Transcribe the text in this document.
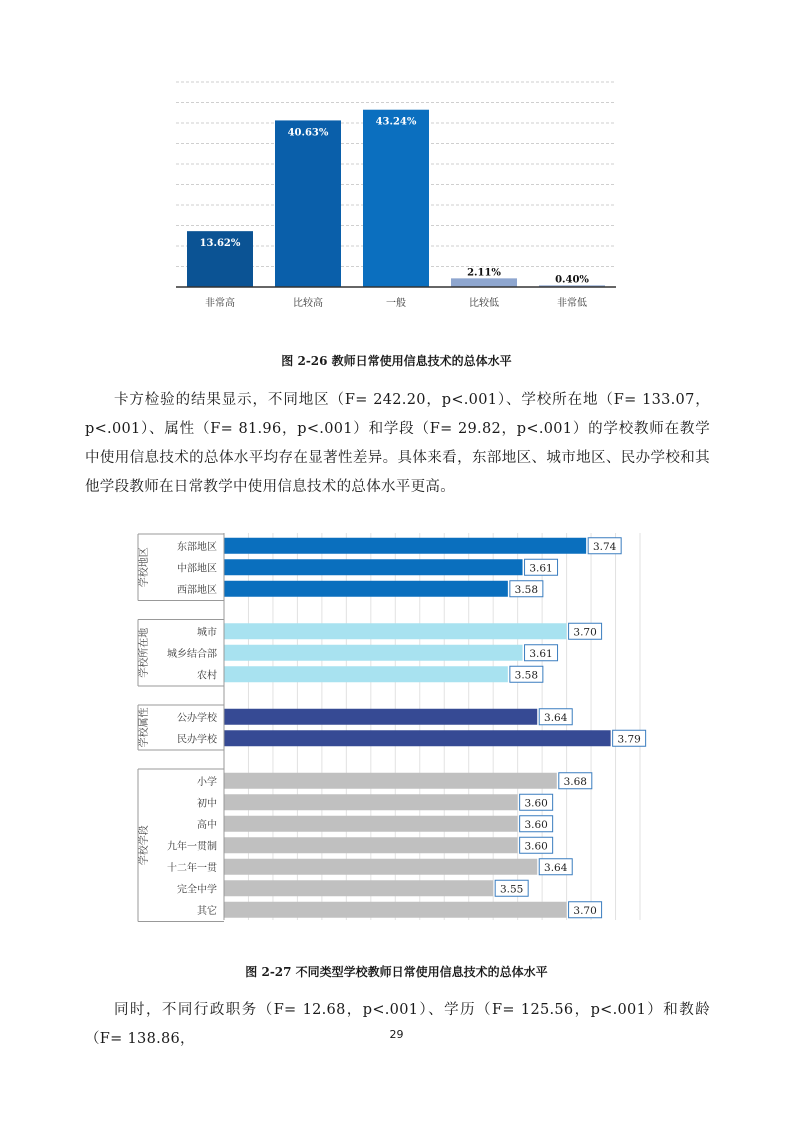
13.62%
非常高
40.63%
比较高
43.24%
一般
2.11%
比较低
0.40%
非常低

图 2-26 教师日常使用信息技术的总体水平

卡方检验的结果显示，不同地区（F= 242.20，p<.001）、学校所在地（F= 133.07，p<.001）、属性（F= 81.96，p<.001）和学段（F= 29.82，p<.001）的学校教师在教学中使用信息技术的总体水平均存在显著性差异。具体来看，东部地区、城市地区、民办学校和其他学段教师在日常教学中使用信息技术的总体水平更高。

3.74
东部地区
3.61
中部地区
3.58
西部地区
学校地区
3.70
城市
3.61
城乡结合部
3.58
农村
学校所在地
3.64
公办学校
3.79
民办学校
学校属性
3.68
小学
3.60
初中
3.60
高中
3.60
九年一贯制
3.64
十二年一贯
3.55
完全中学
3.70
其它
学校学段

图 2-27 不同类型学校教师日常使用信息技术的总体水平

同时，不同行政职务（F= 12.68，p<.001）、学历（F= 125.56，p<.001）和教龄（F= 138.86，	29
